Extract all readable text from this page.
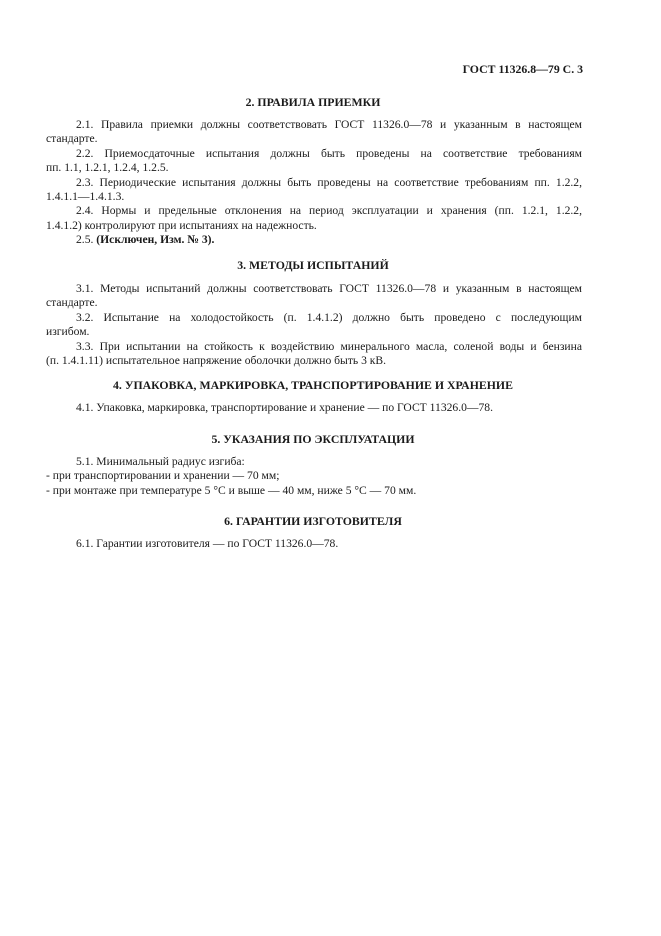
ГОСТ 11326.8—79 С. 3
2. ПРАВИЛА ПРИЕМКИ
2.1. Правила приемки должны соответствовать ГОСТ 11326.0—78 и указанным в настоящем
стандарте.
2.2. Приемосдаточные испытания должны быть проведены на соответствие требованиям
пп. 1.1, 1.2.1, 1.2.4, 1.2.5.
2.3. Периодические испытания должны быть проведены на соответствие требованиям пп. 1.2.2,
1.4.1.1—1.4.1.3.
2.4. Нормы и предельные отклонения на период эксплуатации и хранения (пп. 1.2.1, 1.2.2,
1.4.1.2) контролируют при испытаниях на надежность.
2.5. (Исключен, Изм. № 3).
3. МЕТОДЫ ИСПЫТАНИЙ
3.1. Методы испытаний должны соответствовать ГОСТ 11326.0—78 и указанным в настоящем
стандарте.
3.2. Испытание на холодостойкость (п. 1.4.1.2) должно быть проведено с последующим
изгибом.
3.3. При испытании на стойкость к воздействию минерального масла, соленой воды и бензина
(п. 1.4.1.11) испытательное напряжение оболочки должно быть 3 кВ.
4. УПАКОВКА, МАРКИРОВКА, ТРАНСПОРТИРОВАНИЕ И ХРАНЕНИЕ
4.1. Упаковка, маркировка, транспортирование и хранение — по ГОСТ 11326.0—78.
5. УКАЗАНИЯ ПО ЭКСПЛУАТАЦИИ
5.1. Минимальный радиус изгиба:
- при транспортировании и хранении — 70 мм;
- при монтаже при температуре 5 °С и выше — 40 мм, ниже 5 °С — 70 мм.
6. ГАРАНТИИ ИЗГОТОВИТЕЛЯ
6.1. Гарантии изготовителя — по ГОСТ 11326.0—78.
